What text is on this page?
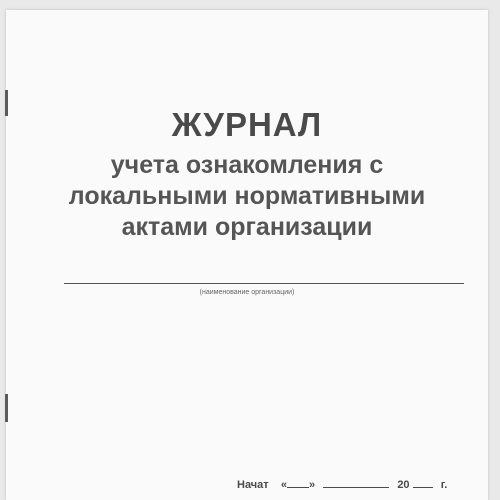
ЖУРНАЛ
учета ознакомления с
локальными нормативными
актами организации
(наименование организации)
Начат « »	20	г.
